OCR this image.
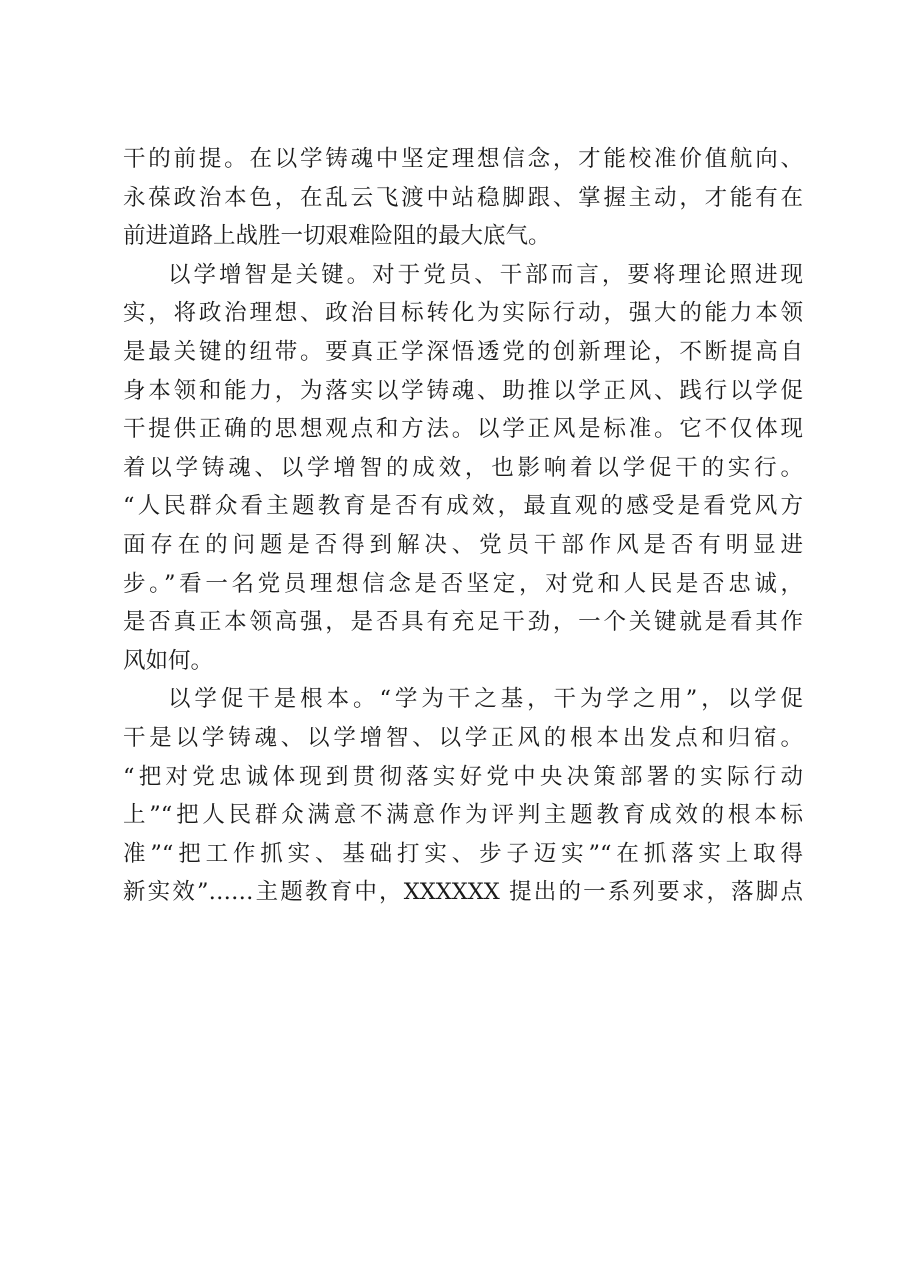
干的前提。在以学铸魂中坚定理想信念，才能校准价值航向、
永葆政治本色，在乱云飞渡中站稳脚跟、掌握主动，才能有在
前进道路上战胜一切艰难险阻的最大底气。
以学增智是关键。对于党员、干部而言，要将理论照进现
实，将政治理想、政治目标转化为实际行动，强大的能力本领
是最关键的纽带。要真正学深悟透党的创新理论，不断提高自
身本领和能力，为落实以学铸魂、助推以学正风、践行以学促
干提供正确的思想观点和方法。以学正风是标准。它不仅体现
着以学铸魂、以学增智的成效，也影响着以学促干的实行。
“人民群众看主题教育是否有成效，最直观的感受是看党风方
面存在的问题是否得到解决、党员干部作风是否有明显进
步。”看一名党员理想信念是否坚定，对党和人民是否忠诚，
是否真正本领高强，是否具有充足干劲，一个关键就是看其作
风如何。
以学促干是根本。“学为干之基，干为学之用”，以学促
干是以学铸魂、以学增智、以学正风的根本出发点和归宿。
“把对党忠诚体现到贯彻落实好党中央决策部署的实际行动
上”“把人民群众满意不满意作为评判主题教育成效的根本标
准”“把工作抓实、基础打实、步子迈实”“在抓落实上取得
新实效”……主题教育中，XXXXXX 提出的一系列要求，落脚点
